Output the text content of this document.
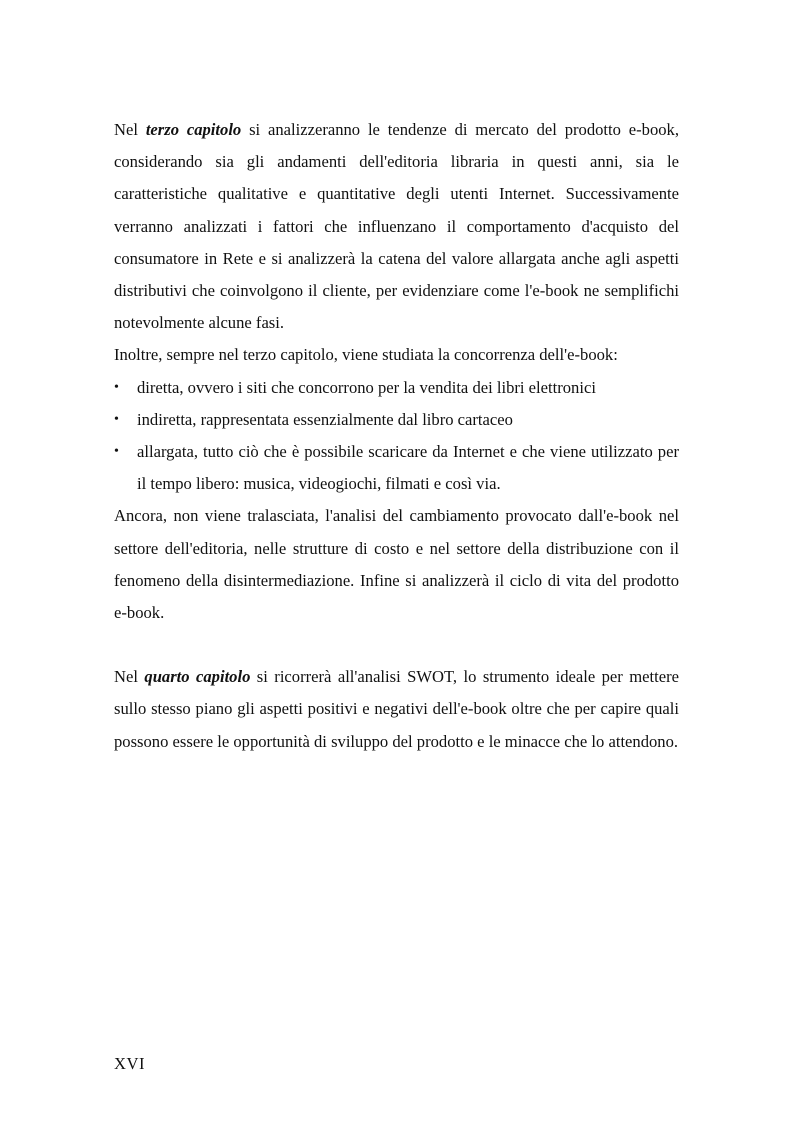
Nel terzo capitolo si analizzeranno le tendenze di mercato del prodotto e-book, considerando sia gli andamenti dell'editoria libraria in questi anni, sia le caratteristiche qualitative e quantitative degli utenti Internet. Successivamente verranno analizzati i fattori che influenzano il comportamento d'acquisto del consumatore in Rete e si analizzerà la catena del valore allargata anche agli aspetti distributivi che coinvolgono il cliente, per evidenziare come l'e-book ne semplifichi notevolmente alcune fasi.

Inoltre, sempre nel terzo capitolo, viene studiata la concorrenza dell'e-book:

• diretta, ovvero i siti che concorrono per la vendita dei libri elettronici
• indiretta, rappresentata essenzialmente dal libro cartaceo
• allargata, tutto ciò che è possibile scaricare da Internet e che viene utilizzato per il tempo libero: musica, videogiochi, filmati e così via.

Ancora, non viene tralasciata, l'analisi del cambiamento provocato dall'e-book nel settore dell'editoria, nelle strutture di costo e nel settore della distribuzione con il fenomeno della disintermediazione. Infine si analizzerà il ciclo di vita del prodotto e-book.

Nel quarto capitolo si ricorrerà all'analisi SWOT, lo strumento ideale per mettere sullo stesso piano gli aspetti positivi e negativi dell'e-book oltre che per capire quali possono essere le opportunità di sviluppo del prodotto e le minacce che lo attendono.

XVI
